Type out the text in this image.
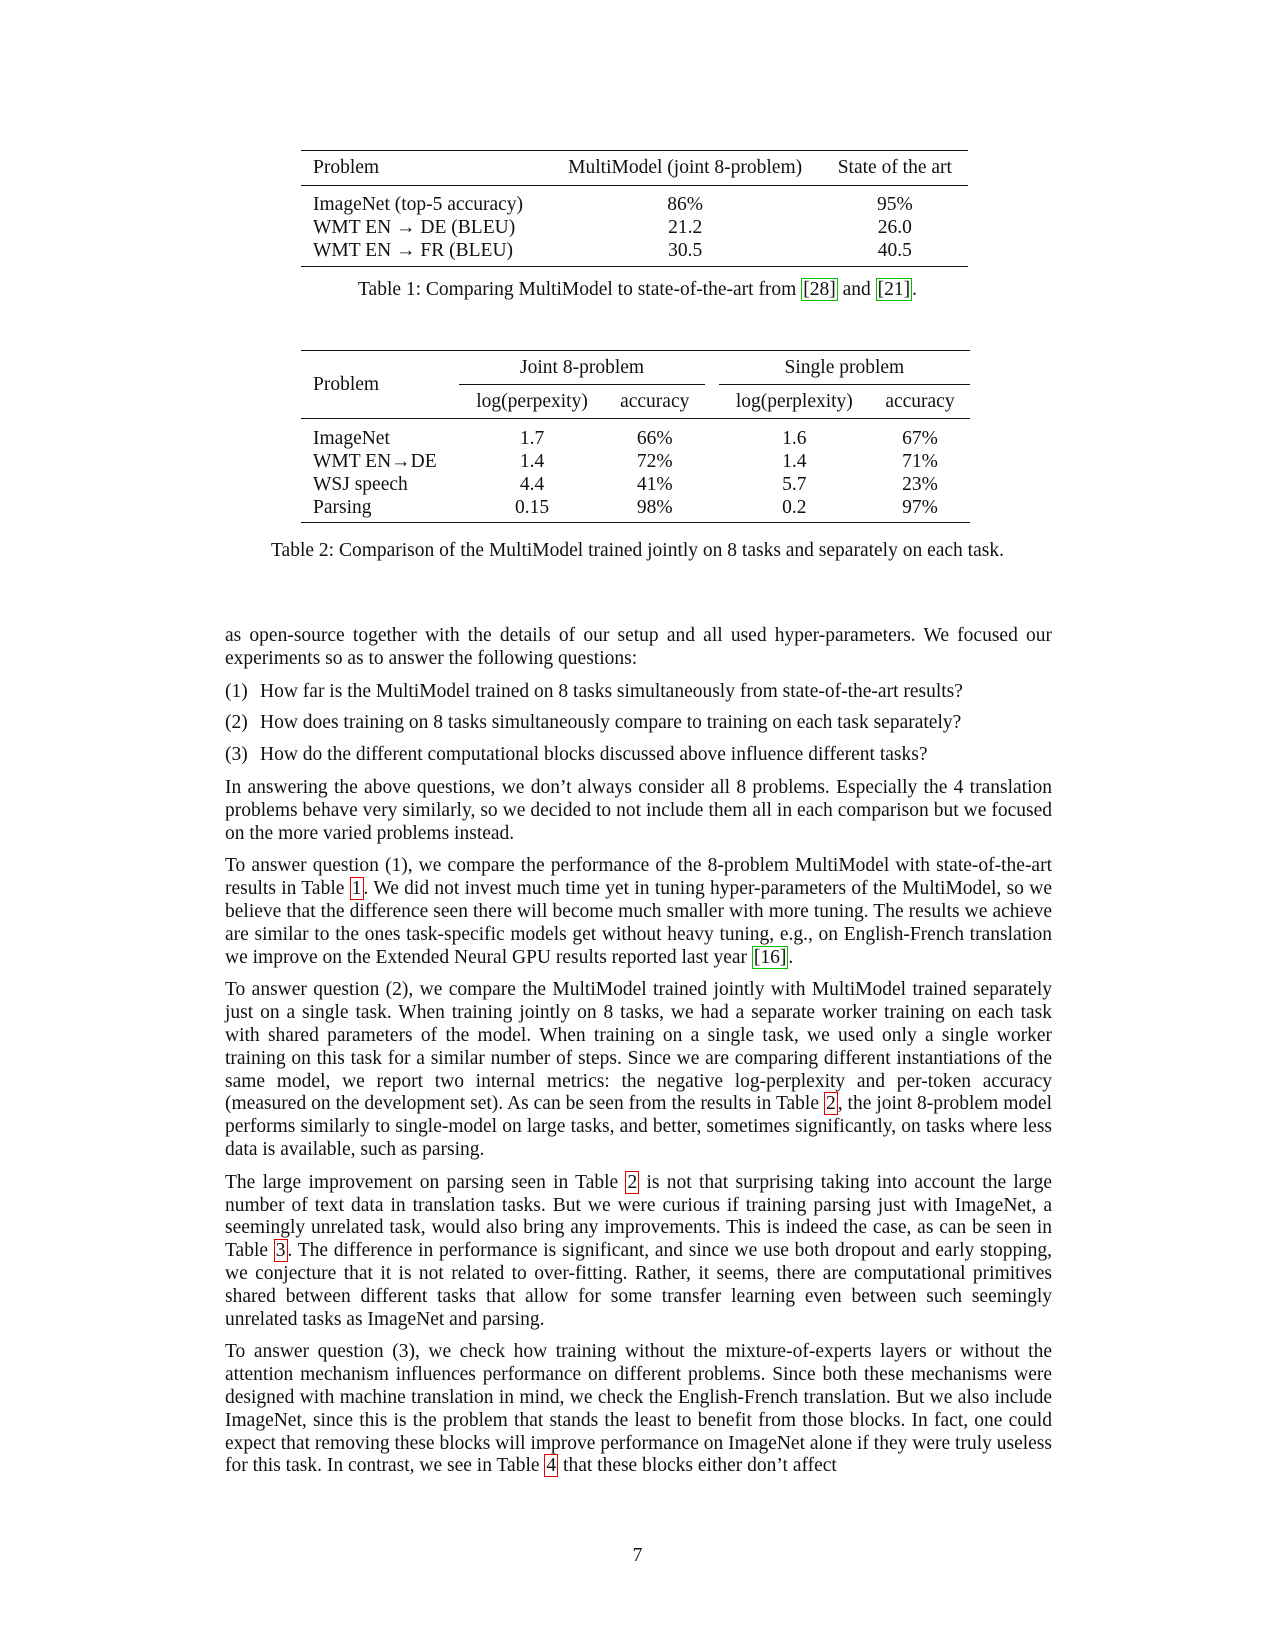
Problem	MultiModel (joint 8-problem)	State of the art
ImageNet (top-5 accuracy)	86%	95%
WMT EN → DE (BLEU)	21.2	26.0
WMT EN → FR (BLEU)	30.5	40.5
Table 1: Comparing MultiModel to state-of-the-art from [28] and [21] .
Problem	Joint 8-problem			Single problem	
	log(perpexity)	accuracy		log(perplexity)	accuracy
ImageNet	1.7	66%		1.6	67%
WMT EN→DE	1.4	72%		1.4	71%
WSJ speech	4.4	41%		5.7	23%
Parsing	0.15	98%		0.2	97%
Table 2: Comparison of the MultiModel trained jointly on 8 tasks and separately on each task.

as open-source together with the details of our setup and all used hyper-parameters. We focused our experiments so as to answer the following questions:

(1) How far is the MultiModel trained on 8 tasks simultaneously from state-of-the-art results?
(2) How does training on 8 tasks simultaneously compare to training on each task separately?
(3) How do the different computational blocks discussed above influence different tasks?

In answering the above questions, we don’t always consider all 8 problems. Especially the 4 translation problems behave very similarly, so we decided to not include them all in each comparison but we focused on the more varied problems instead.

To answer question (1), we compare the performance of the 8-problem MultiModel with state-of-the-art results in Table 1 . We did not invest much time yet in tuning hyper-parameters of the MultiModel, so we believe that the difference seen there will become much smaller with more tuning. The results we achieve are similar to the ones task-specific models get without heavy tuning, e.g., on English-French translation we improve on the Extended Neural GPU results reported last year [16] .

To answer question (2), we compare the MultiModel trained jointly with MultiModel trained separately just on a single task. When training jointly on 8 tasks, we had a separate worker training on each task with shared parameters of the model. When training on a single task, we used only a single worker training on this task for a similar number of steps. Since we are comparing different instantiations of the same model, we report two internal metrics: the negative log-perplexity and per-token accuracy (measured on the development set). As can be seen from the results in Table 2 , the joint 8-problem model performs similarly to single-model on large tasks, and better, sometimes significantly, on tasks where less data is available, such as parsing.

The large improvement on parsing seen in Table 2 is not that surprising taking into account the large number of text data in translation tasks. But we were curious if training parsing just with ImageNet, a seemingly unrelated task, would also bring any improvements. This is indeed the case, as can be seen in Table 3 . The difference in performance is significant, and since we use both dropout and early stopping, we conjecture that it is not related to over-fitting. Rather, it seems, there are computational primitives shared between different tasks that allow for some transfer learning even between such seemingly unrelated tasks as ImageNet and parsing.

To answer question (3), we check how training without the mixture-of-experts layers or without the attention mechanism influences performance on different problems. Since both these mechanisms were designed with machine translation in mind, we check the English-French translation. But we also include ImageNet, since this is the problem that stands the least to benefit from those blocks. In fact, one could expect that removing these blocks will improve performance on ImageNet alone if they were truly useless for this task. In contrast, we see in Table 4 that these blocks either don’t affect

7
